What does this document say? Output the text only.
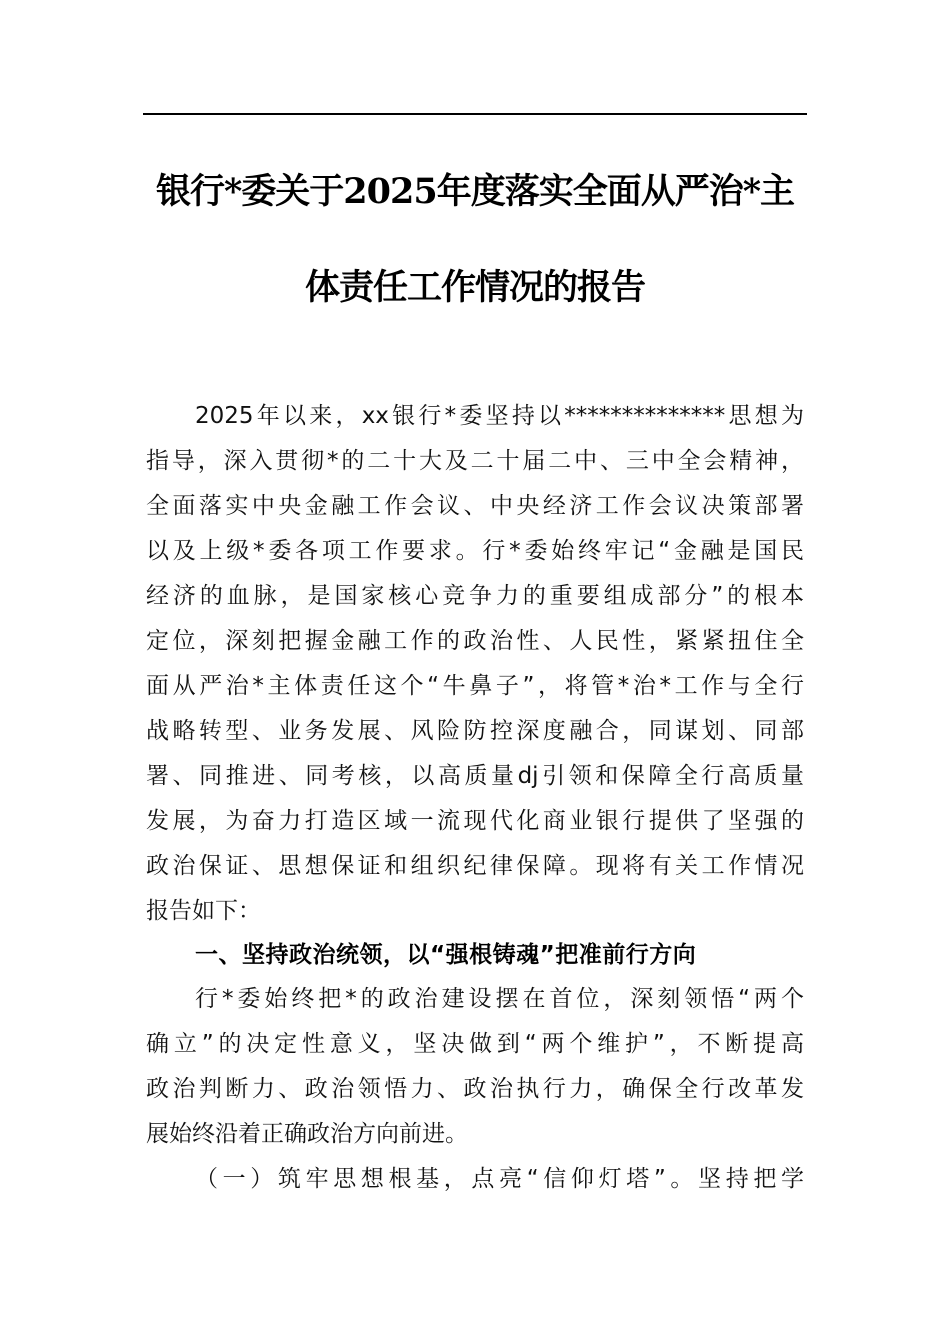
银行*委关于2025年度落实全面从严治*主
体责任工作情况的报告
2025年以来，xx银行*委坚持以**************思想为
指导，深入贯彻*的二十大及二十届二中、三中全会精神，
全面落实中央金融工作会议、中央经济工作会议决策部署
以及上级*委各项工作要求。行*委始终牢记“金融是国民
经济的血脉，是国家核心竞争力的重要组成部分”的根本
定位，深刻把握金融工作的政治性、人民性，紧紧扭住全
面从严治*主体责任这个“牛鼻子”，将管*治*工作与全行
战略转型、业务发展、风险防控深度融合，同谋划、同部
署、同推进、同考核，以高质量dj引领和保障全行高质量
发展，为奋力打造区域一流现代化商业银行提供了坚强的
政治保证、思想保证和组织纪律保障。现将有关工作情况
报告如下：
一、坚持政治统领，以“强根铸魂”把准前行方向
行*委始终把*的政治建设摆在首位，深刻领悟“两个
确立”的决定性意义，坚决做到“两个维护”，不断提高
政治判断力、政治领悟力、政治执行力，确保全行改革发
展始终沿着正确政治方向前进。
（一）筑牢思想根基，点亮“信仰灯塔”。坚持把学
